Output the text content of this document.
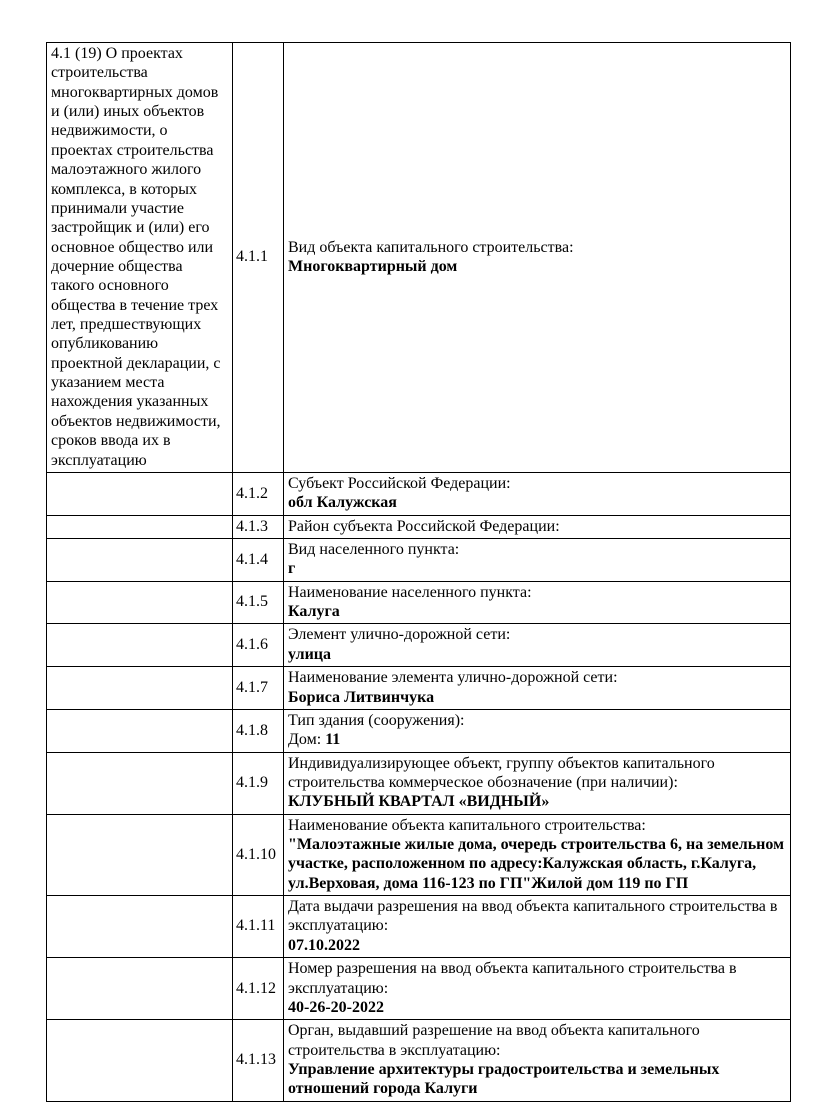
4.1 (19) О проектах строительства многоквартирных домов и (или) иных объектов недвижимости, о проектах строительства малоэтажного жилого комплекса, в которых принимали участие застройщик и (или) его основное общество или дочерние общества такого основного общества в течение трех лет, предшествующих опубликованию проектной декларации, с указанием места нахождения указанных объектов недвижимости, сроков ввода их в эксплуатацию	4.1.1	Вид объекта капитального строительства:
Многоквартирный дом

	4.1.2	Субъект Российской Федерации:
обл Калужская

	4.1.3	Район субъекта Российской Федерации:

	4.1.4	Вид населенного пункта:
г

	4.1.5	Наименование населенного пункта:
Калуга

	4.1.6	Элемент улично-дорожной сети:
улица

	4.1.7	Наименование элемента улично-дорожной сети:
Бориса Литвинчука

	4.1.8	Тип здания (сооружения):
Дом: 11

	4.1.9	Индивидуализирующее объект, группу объектов капитального строительства коммерческое обозначение (при наличии):
КЛУБНЫЙ КВАРТАЛ «ВИДНЫЙ»

	4.1.10	Наименование объекта капитального строительства:
"Малоэтажные жилые дома, очередь строительства 6, на земельном участке, расположенном по адресу:Калужская область, г.Калуга, ул.Верховая, дома 116-123 по ГП"Жилой дом 119 по ГП

	4.1.11	Дата выдачи разрешения на ввод объекта капитального строительства в эксплуатацию:
07.10.2022

	4.1.12	Номер разрешения на ввод объекта капитального строительства в эксплуатацию:
40-26-20-2022

	4.1.13	Орган, выдавший разрешение на ввод объекта капитального строительства в эксплуатацию:
Управление архитектуры градостроительства и земельных отношений города Калуги
